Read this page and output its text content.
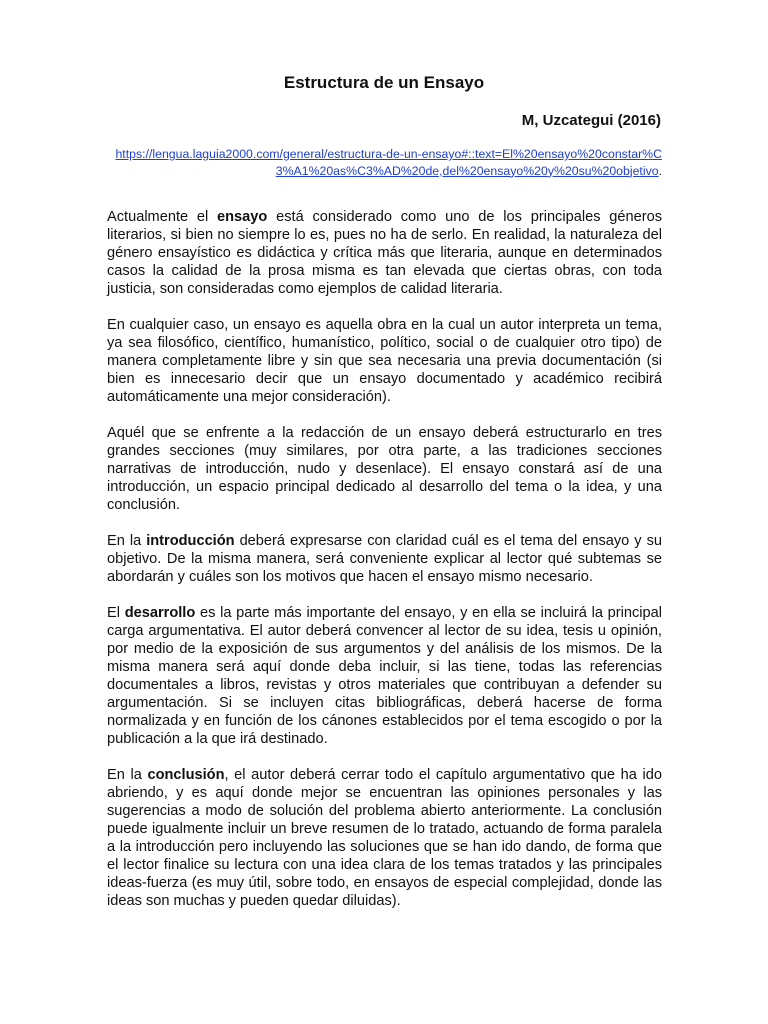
Estructura de un Ensayo
M, Uzcategui (2016)
https://lengua.laguia2000.com/general/estructura-de-un-ensayo#::text=El%20ensayo%20constar%C3%A1%20as%C3%AD%20de,del%20ensayo%20y%20su%20objetivo.

Actualmente el ensayo está considerado como uno de los principales géneros literarios, si bien no siempre lo es, pues no ha de serlo. En realidad, la naturaleza del género ensayístico es didáctica y crítica más que literaria, aunque en determinados casos la calidad de la prosa misma es tan elevada que ciertas obras, con toda justicia, son consideradas como ejemplos de calidad literaria.

En cualquier caso, un ensayo es aquella obra en la cual un autor interpreta un tema, ya sea filosófico, científico, humanístico, político, social o de cualquier otro tipo) de manera completamente libre y sin que sea necesaria una previa documentación (si bien es innecesario decir que un ensayo documentado y académico recibirá automáticamente una mejor consideración).

Aquél que se enfrente a la redacción de un ensayo deberá estructurarlo en tres grandes secciones (muy similares, por otra parte, a las tradiciones secciones narrativas de introducción, nudo y desenlace). El ensayo constará así de una introducción, un espacio principal dedicado al desarrollo del tema o la idea, y una conclusión.

En la introducción deberá expresarse con claridad cuál es el tema del ensayo y su objetivo. De la misma manera, será conveniente explicar al lector qué subtemas se abordarán y cuáles son los motivos que hacen el ensayo mismo necesario.

El desarrollo es la parte más importante del ensayo, y en ella se incluirá la principal carga argumentativa. El autor deberá convencer al lector de su idea, tesis u opinión, por medio de la exposición de sus argumentos y del análisis de los mismos. De la misma manera será aquí donde deba incluir, si las tiene, todas las referencias documentales a libros, revistas y otros materiales que contribuyan a defender su argumentación. Si se incluyen citas bibliográficas, deberá hacerse de forma normalizada y en función de los cánones establecidos por el tema escogido o por la publicación a la que irá destinado.

En la conclusión, el autor deberá cerrar todo el capítulo argumentativo que ha ido abriendo, y es aquí donde mejor se encuentran las opiniones personales y las sugerencias a modo de solución del problema abierto anteriormente. La conclusión puede igualmente incluir un breve resumen de lo tratado, actuando de forma paralela a la introducción pero incluyendo las soluciones que se han ido dando, de forma que el lector finalice su lectura con una idea clara de los temas tratados y las principales ideas-fuerza (es muy útil, sobre todo, en ensayos de especial complejidad, donde las ideas son muchas y pueden quedar diluidas).
